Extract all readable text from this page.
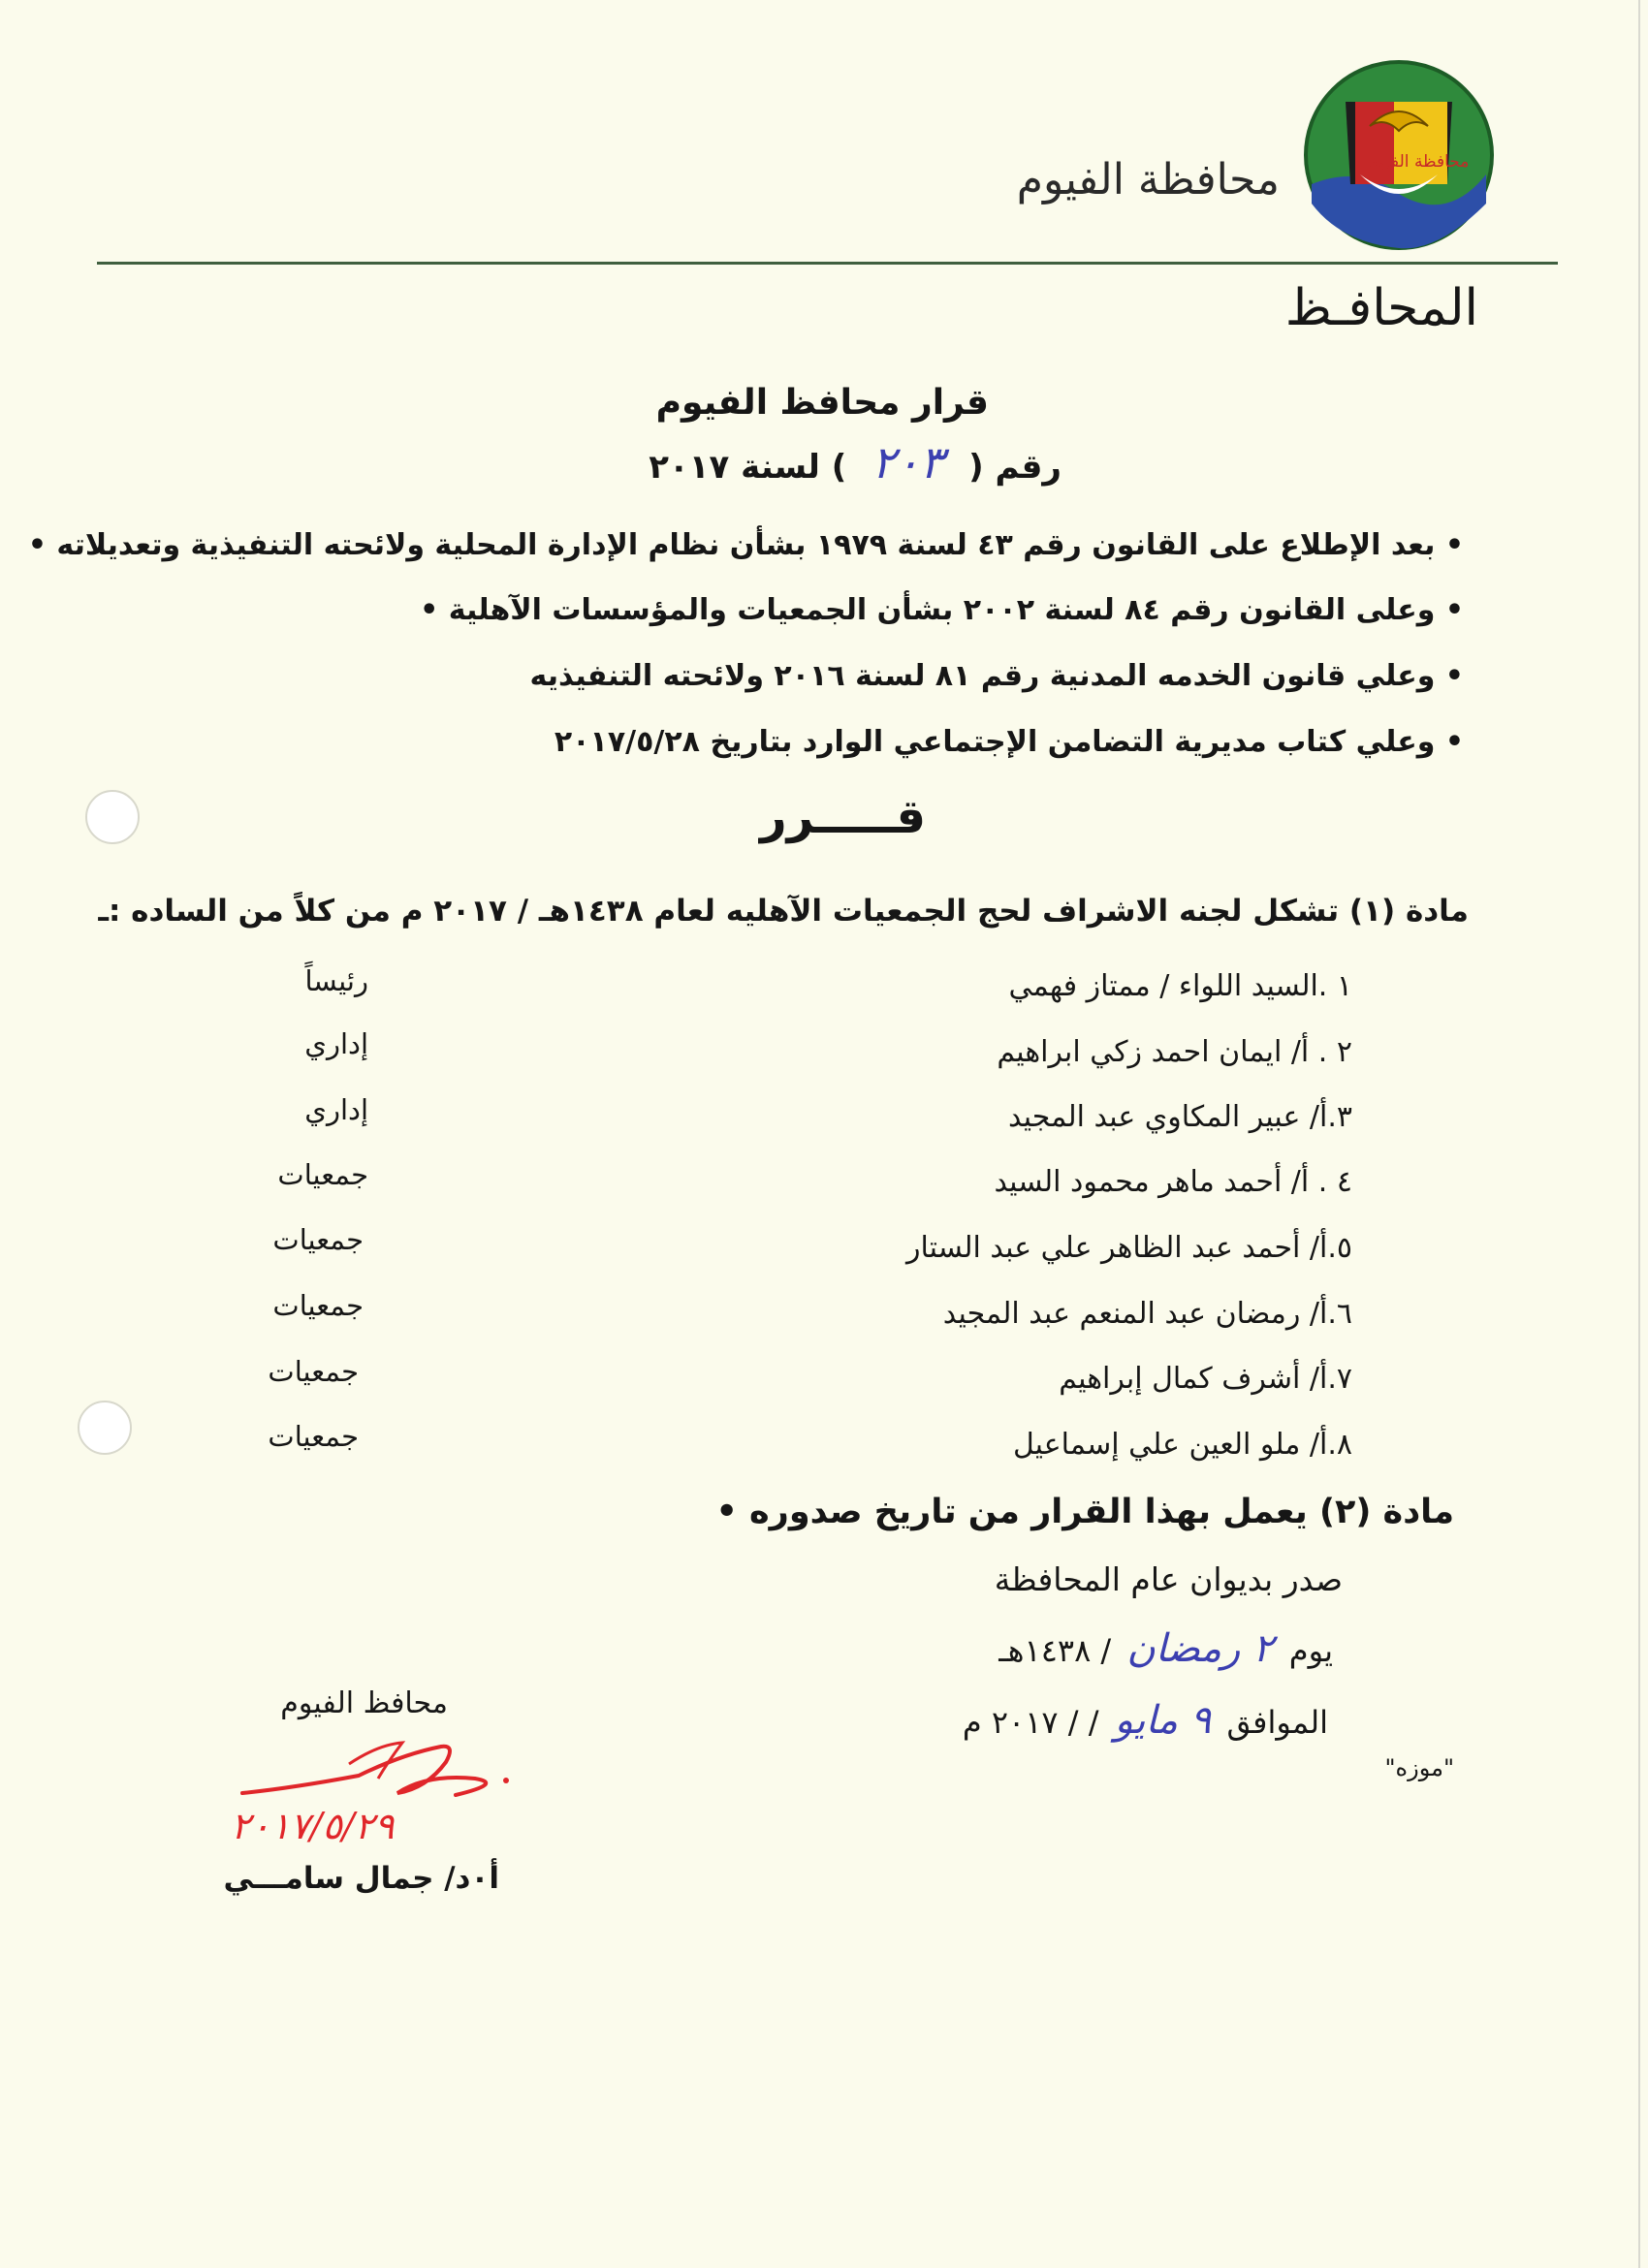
محافظة الفيوم
محافظة الفيوم
المحافـظ
قرار محافظ الفيوم
رقم ( ٢٠٣ ) لسنة ٢٠١٧
• بعد الإطلاع على القانون رقم ٤٣ لسنة ١٩٧٩ بشأن نظام الإدارة المحلية ولائحته التنفيذية وتعديلاته •
• وعلى القانون رقم ٨٤ لسنة ٢٠٠٢ بشأن الجمعيات والمؤسسات الآهلية •
• وعلي قانون الخدمه المدنية رقم ٨١ لسنة ٢٠١٦ ولائحته التنفيذيه
• وعلي كتاب مديرية التضامن الإجتماعي الوارد بتاريخ ٢٠١٧/٥/٢٨
قـــــرر
مادة (١) تشكل لجنه الاشراف لحج الجمعيات الآهليه لعام ١٤٣٨هـ / ٢٠١٧ م من كلاً من الساده :ـ
١ .السيد اللواء / ممتاز فهمي
رئيساً
٢ . أ/ ايمان احمد زكي ابراهيم
إداري
٣.أ/ عبير المكاوي عبد المجيد
إداري
٤ . أ/ أحمد ماهر محمود السيد
جمعيات
٥.أ/ أحمد عبد الظاهر علي عبد الستار
جمعيات
٦.أ/ رمضان عبد المنعم عبد المجيد
جمعيات
٧.أ/ أشرف كمال إبراهيم
جمعيات
٨.أ/ ملو العين علي إسماعيل
جمعيات
مادة (٢) يعمل بهذا القرار من تاريخ صدوره •
صدر بديوان عام المحافظة
يوم ٢ رمضان / ١٤٣٨هـ
الموافق ٩ مايو / / ٢٠١٧ م
"موزه"
محافظ الفيوم
٢٠١٧/٥/٢٩
أ٠د/ جمال سامـــي
